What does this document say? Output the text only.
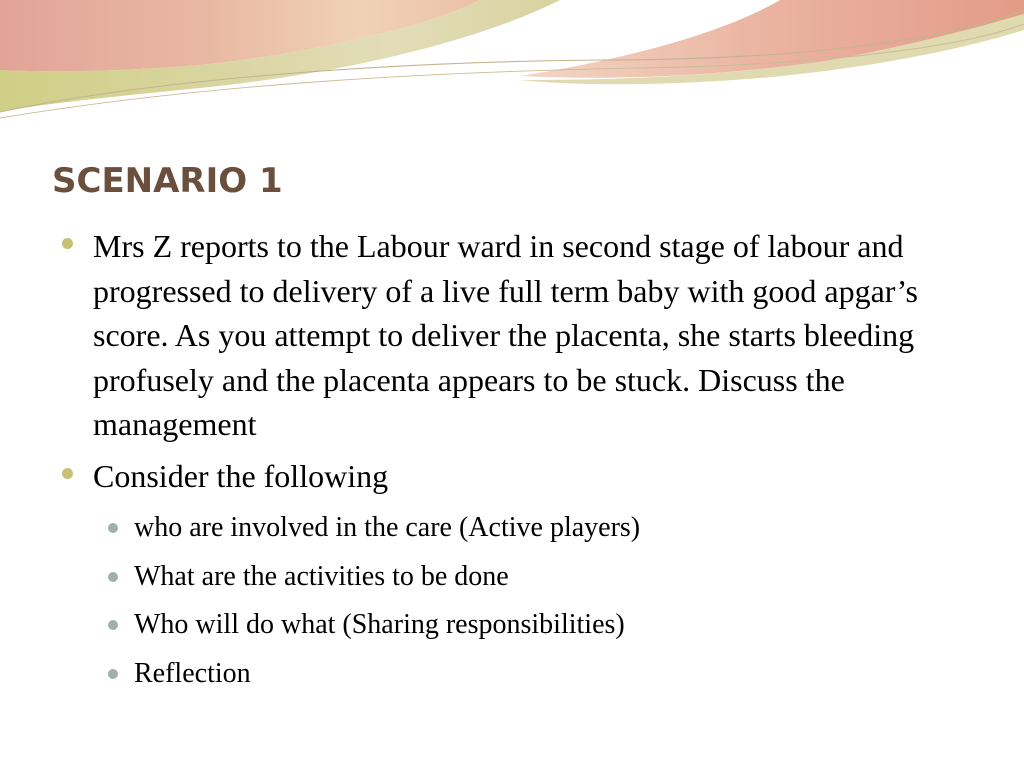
SCENARIO 1
Mrs Z reports to the Labour ward in second stage of labour and progressed to delivery of a live full term baby with good apgar’s score. As you attempt to deliver the placenta, she starts bleeding profusely and the placenta appears to be stuck. Discuss the management
Consider the following
who are involved in the care (Active players)
What are the activities to be done
Who will do what (Sharing responsibilities)
Reflection
